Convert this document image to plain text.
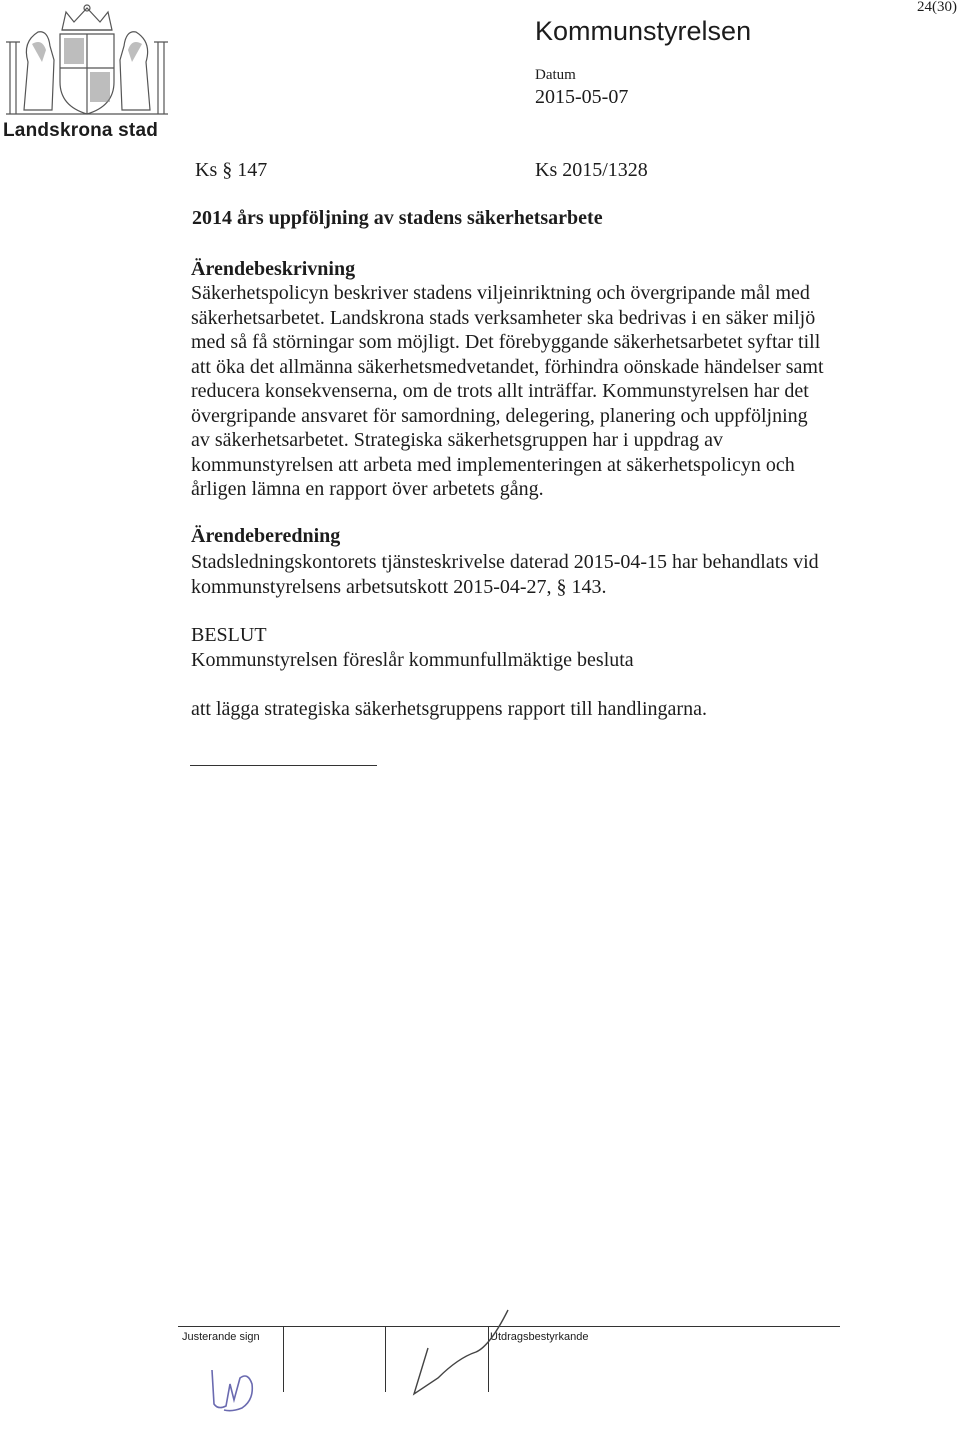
Landskrona stad
Kommunstyrelsen
Datum
2015-05-07
24(30)
Ks § 147	Ks 2015/1328
2014 års uppföljning av stadens säkerhetsarbete
Ärendebeskrivning
Säkerhetspolicyn beskriver stadens viljeinriktning och övergripande mål med
säkerhetsarbetet. Landskrona stads verksamheter ska bedrivas i en säker miljö
med så få störningar som möjligt. Det förebyggande säkerhetsarbetet syftar till
att öka det allmänna säkerhetsmedvetandet, förhindra oönskade händelser samt
reducera konsekvenserna, om de trots allt inträffar. Kommunstyrelsen har det
övergripande ansvaret för samordning, delegering, planering och uppföljning
av säkerhetsarbetet. Strategiska säkerhetsgruppen har i uppdrag av
kommunstyrelsen att arbeta med implementeringen at säkerhetspolicyn och
årligen lämna en rapport över arbetets gång.
Ärendeberedning
Stadsledningskontorets tjänsteskrivelse daterad 2015-04-15 har behandlats vid
kommunstyrelsens arbetsutskott 2015-04-27, § 143.
BESLUT
Kommunstyrelsen föreslår kommunfullmäktige besluta
att lägga strategiska säkerhetsgruppens rapport till handlingarna.
Justerande sign	Utdragsbestyrkande
